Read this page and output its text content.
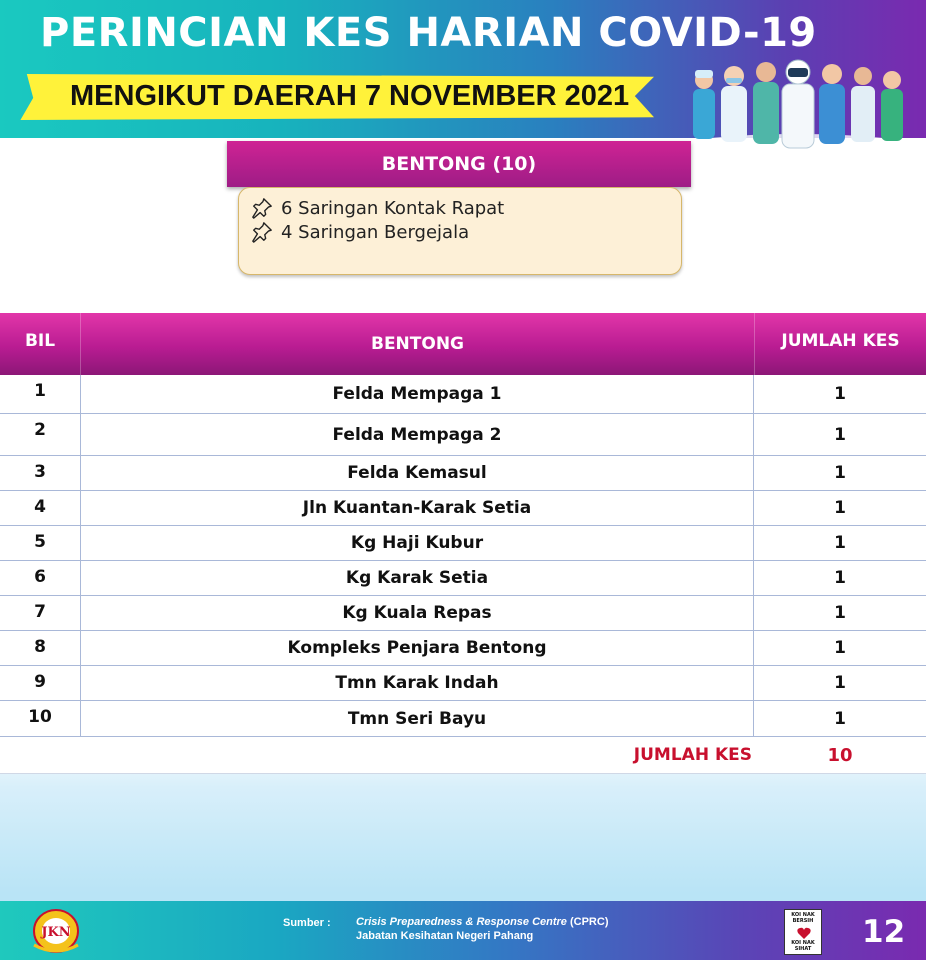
PERINCIAN KES HARIAN COVID-19
MENGIKUT DAERAH 7 NOVEMBER 2021
BENTONG (10)
6 Saringan Kontak Rapat
4 Saringan Bergejala
BIL	BENTONG	JUMLAH KES
1	Felda Mempaga 1	1
2	Felda Mempaga 2	1
3	Felda Kemasul	1
4	Jln Kuantan-Karak Setia	1
5	Kg Haji Kubur	1
6	Kg Karak Setia	1
7	Kg Kuala Repas	1
8	Kompleks Penjara Bentong	1
9	Tmn Karak Indah	1
10	Tmn Seri Bayu	1
JUMLAH KES	10
JKN
Sumber : Crisis Preparedness & Response Centre (CPRC)
Jabatan Kesihatan Negeri Pahang
KOI NAK BERSIH
KOI NAK SIHAT	12
